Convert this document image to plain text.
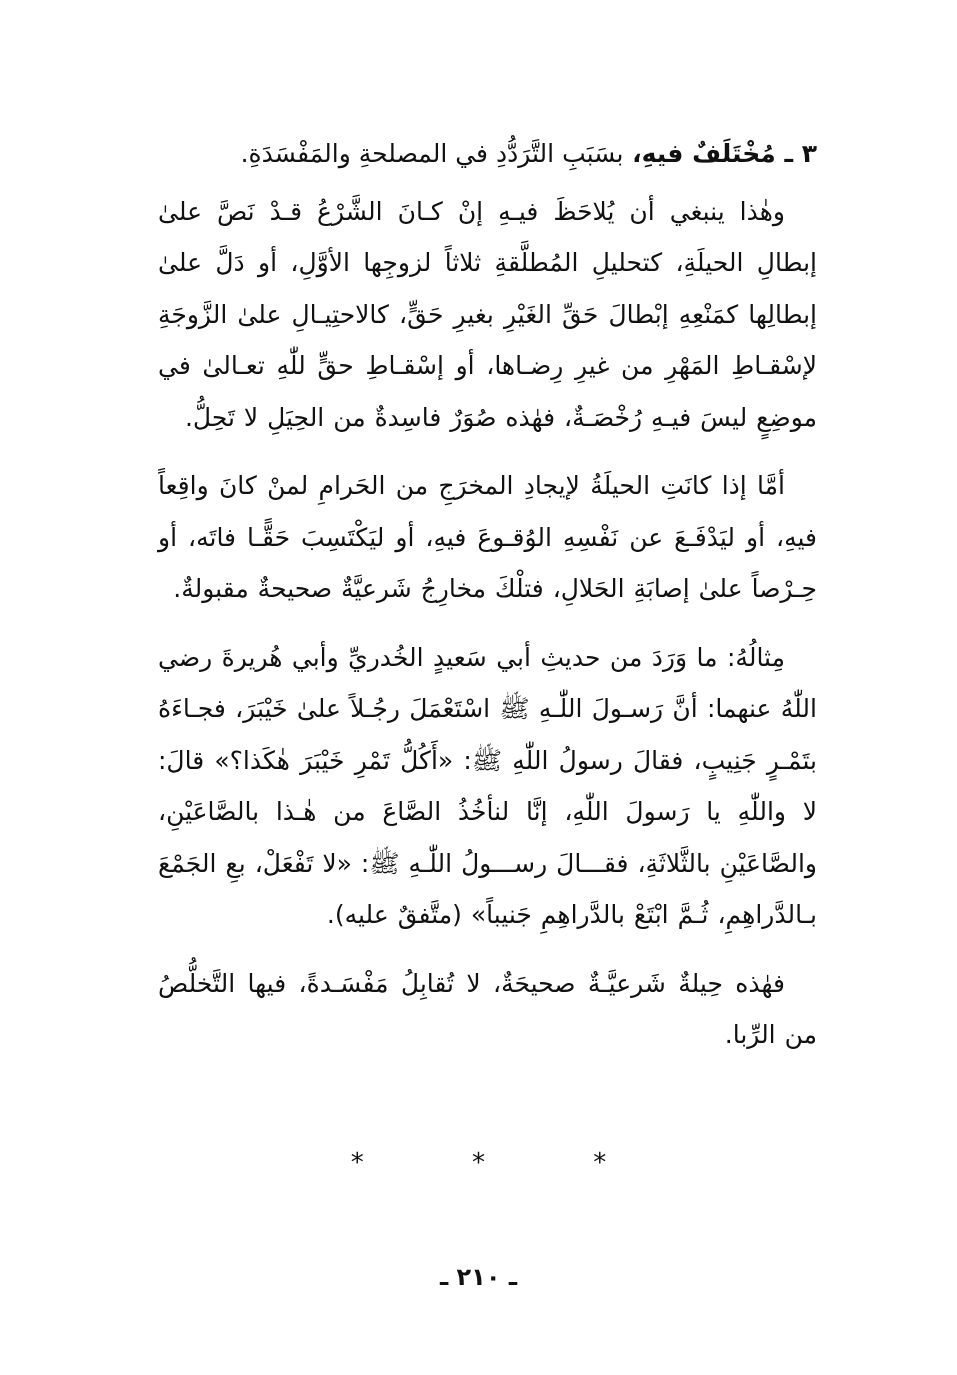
٣ ـ مُخْتَلَفٌ فيهِ، بسَبَبِ التَّرَدُّدِ في المصلحةِ والمَفْسَدَةِ.

وهٰذا ينبغي أن يُلاحَظَ فيـهِ إنْ كـانَ الشَّرْعُ قـدْ نَصَّ علىٰ إبطالِ الحيلَةِ، كتحليلِ المُطلَّقةِ ثلاثاً لزوجِها الأوَّلِ، أو دَلَّ علىٰ إبطالِها كمَنْعِهِ إبْطالَ حَقِّ الغَيْرِ بغيرِ حَقٍّ، كالاحتِيـالِ علىٰ الزَّوجَةِ لإسْقـاطِ المَهْرِ من غيرِ رِضـاها، أو إسْقـاطِ حقٍّ للّٰهِ تعـالىٰ في موضِعٍ ليسَ فيـهِ رُخْصَـةٌ، فهٰذه صُوَرٌ فاسِدةٌ من الحِيَلِ لا تَحِلُّ.

أمَّا إذا كانَتِ الحيلَةُ لإيجادِ المخرَجِ من الحَرامِ لمنْ كانَ واقِعاً فيهِ، أو ليَدْفَـعَ عن نَفْسِهِ الوُقـوعَ فيهِ، أو ليَكْتَسِبَ حَقًّـا فاتَه، أو حِـرْصاً علىٰ إصابَةِ الحَلالِ، فتلْكَ مخارِجُ شَرعيَّةٌ صحيحةٌ مقبولةٌ.

مِثالُهُ: ما وَرَدَ من حديثِ أبي سَعيدٍ الخُدريِّ وأبي هُريرةَ رضي اللّٰهُ عنهما: أنَّ رَسـولَ اللّٰـهِ ﷺ اسْتَعْمَلَ رجُـلاً علىٰ خَيْبَرَ، فجـاءَهُ بتَمْـرٍ جَنِيبٍ، فقالَ رسولُ اللّٰهِ ﷺ: «أَكُلُّ تَمْرِ خَيْبَرَ هٰكَذا؟» قالَ: لا واللّٰهِ يا رَسولَ اللّٰهِ، إنَّا لنأخُذُ الصَّاعَ من هٰـذا بالصَّاعَيْنِ، والصَّاعَيْنِ بالثَّلاثَةِ، فقـــالَ رســـولُ اللّٰـهِ ﷺ: «لا تَفْعَلْ، بعِ الجَمْعَ بـالدَّراهِمِ، ثُـمَّ ابْتَعْ بالدَّراهِمِ جَنيباً» (متَّفقٌ عليه).

فهٰذه حِيلةٌ شَرعيَّـةٌ صحيحَةٌ، لا تُقابِلُ مَفْسَـدةً، فيها التَّخلُّصُ من الرِّبا.

* * *
ـ ٢١٠ ـ
